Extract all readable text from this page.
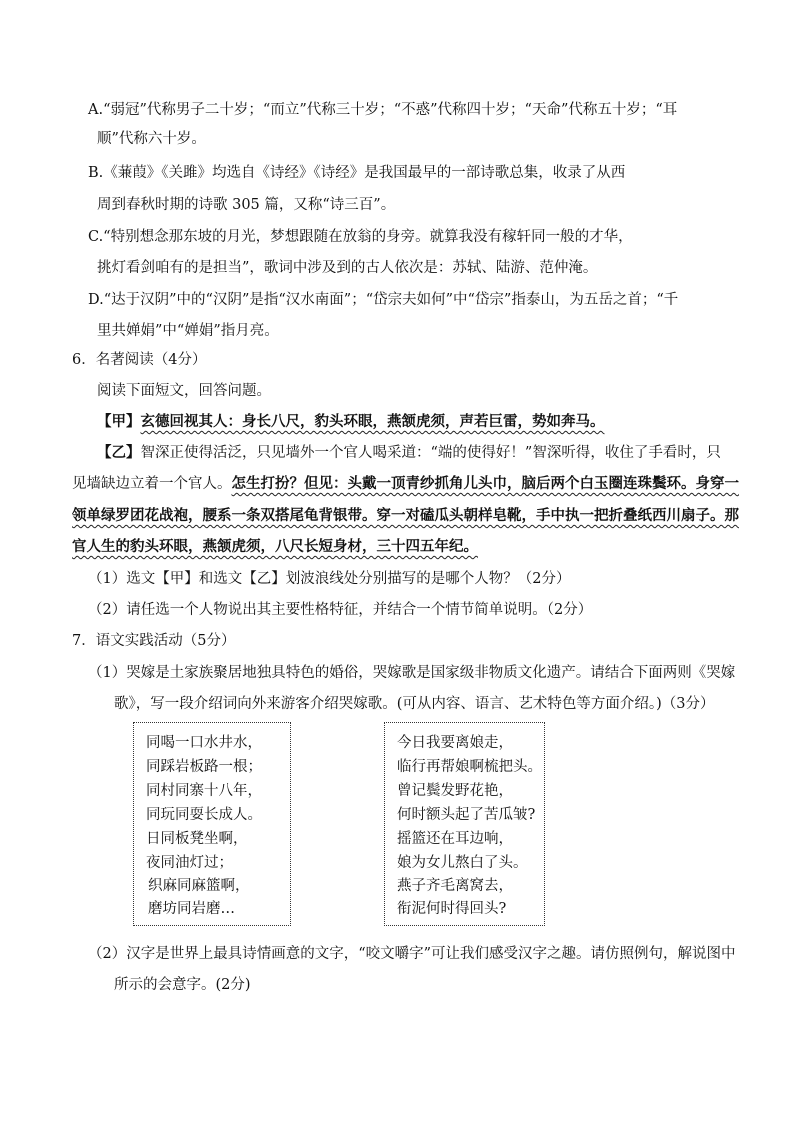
A.“弱冠”代称男子二十岁；“而立”代称三十岁；“不惑”代称四十岁；“天命”代称五十岁；“耳
顺”代称六十岁。
B.《蒹葭》《关雎》均选自《诗经》《诗经》是我国最早的一部诗歌总集，收录了从西
周到春秋时期的诗歌 305 篇，又称“诗三百”。
C.“特别想念那东坡的月光，梦想跟随在放翁的身旁。就算我没有稼轩同一般的才华，
挑灯看剑咱有的是担当”，歌词中涉及到的古人依次是：苏轼、陆游、范仲淹。
D.“达于汉阴”中的“汉阴”是指“汉水南面”；“岱宗夫如何”中“岱宗”指泰山，为五岳之首；“千
里共婵娟”中“婵娟”指月亮。
6．名著阅读（4分）
阅读下面短文，回答问题。
【甲】玄德回视其人：身长八尺，豹头环眼，燕颔虎须，声若巨雷，势如奔马。
【乙】智深正使得活泛，只见墙外一个官人喝采道：“端的使得好！”智深听得，收住了手看时，只
见墙缺边立着一个官人。怎生打扮？但见：头戴一顶青纱抓角儿头巾，脑后两个白玉圈连珠鬓环。身穿一
领单绿罗团花战袍，腰系一条双搭尾龟背银带。穿一对磕瓜头朝样皂靴，手中执一把折叠纸西川扇子。那
官人生的豹头环眼，燕颔虎须，八尺长短身材，三十四五年纪。
（1）选文【甲】和选文【乙】划波浪线处分别描写的是哪个人物？（2分）
（2）请任选一个人物说出其主要性格特征，并结合一个情节简单说明。（2分）
7．语文实践活动（5分）
（1）哭嫁是土家族聚居地独具特色的婚俗，哭嫁歌是国家级非物质文化遗产。请结合下面两则《哭嫁
歌》，写一段介绍词向外来游客介绍哭嫁歌。(可从内容、语言、艺术特色等方面介绍。)（3分）
同喝一口水井水，
同踩岩板路一根；
同村同寨十八年，
同玩同耍长成人。
日同板凳坐啊，
夜同油灯过；
织麻同麻篮啊，
磨坊同岩磨…
今日我要离娘走，
临行再帮娘啊梳把头。
曾记鬓发野花艳，
何时额头起了苦瓜皱?
摇篮还在耳边响，
娘为女儿熬白了头。
燕子齐毛离窝去，
衔泥何时得回头?
（2）汉字是世界上最具诗情画意的文字，“咬文嚼字”可让我们感受汉字之趣。请仿照例句，解说图中
所示的会意字。(2分)
